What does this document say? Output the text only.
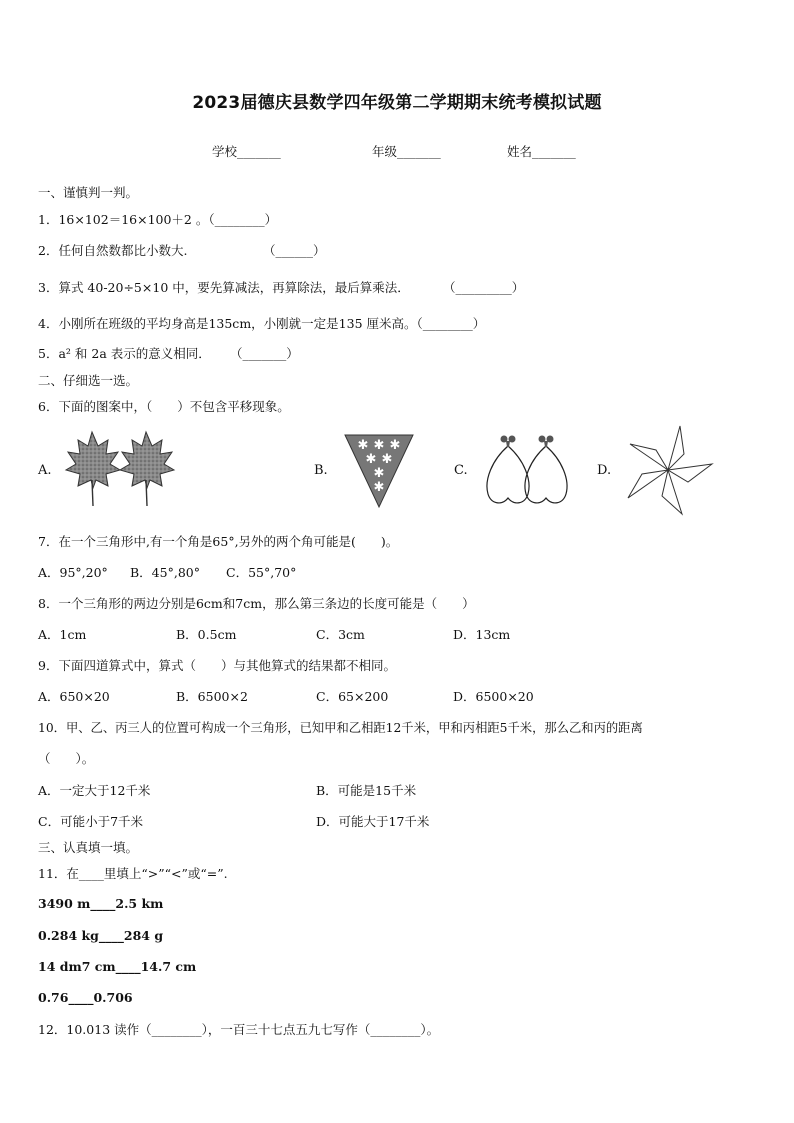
2023届德庆县数学四年级第二学期期末统考模拟试题
学校_______	年级_______	姓名_______
一、谨慎判一判。
1．16×102＝16×100＋2 。（________）
2．任何自然数都比小数大.	（______）
3．算式 40-20÷5×10 中，要先算减法，再算除法，最后算乘法．	（_________）
4．小刚所在班级的平均身高是135cm，小刚就一定是135 厘米高。（________）
5．a² 和 2a 表示的意义相同． （_______）
二、仔细选一选。
6．下面的图案中，（　　）不包含平移现象。
A.	B.
✱ ✱ ✱
✱ ✱
✱
✱
C.	D.
7．在一个三角形中,有一个角是65°,另外的两个角可能是(　　)。
A．95°,20° B．45°,80° C．55°,70°
8．一个三角形的两边分别是6cm和7cm，那么第三条边的长度可能是（　　）
A．1cm	B．0.5cm	C．3cm	D．13cm
9．下面四道算式中，算式（　　）与其他算式的结果都不相同。
A．650×20	B．6500×2	C．65×200	D．6500×20
10．甲、乙、丙三人的位置可构成一个三角形，已知甲和乙相距12千米，甲和丙相距5千米，那么乙和丙的距离
（　　）。
A．一定大于12千米	B．可能是15千米
C．可能小于7千米	D．可能大于17千米
三、认真填一填。
11．在____里填上“>”“<”或“=”.
3490 m____2.5 km
0.284 kg____284 g
14 dm7 cm____14.7 cm
0.76____0.706
12．10.013 读作（________），一百三十七点五九七写作（________）。
